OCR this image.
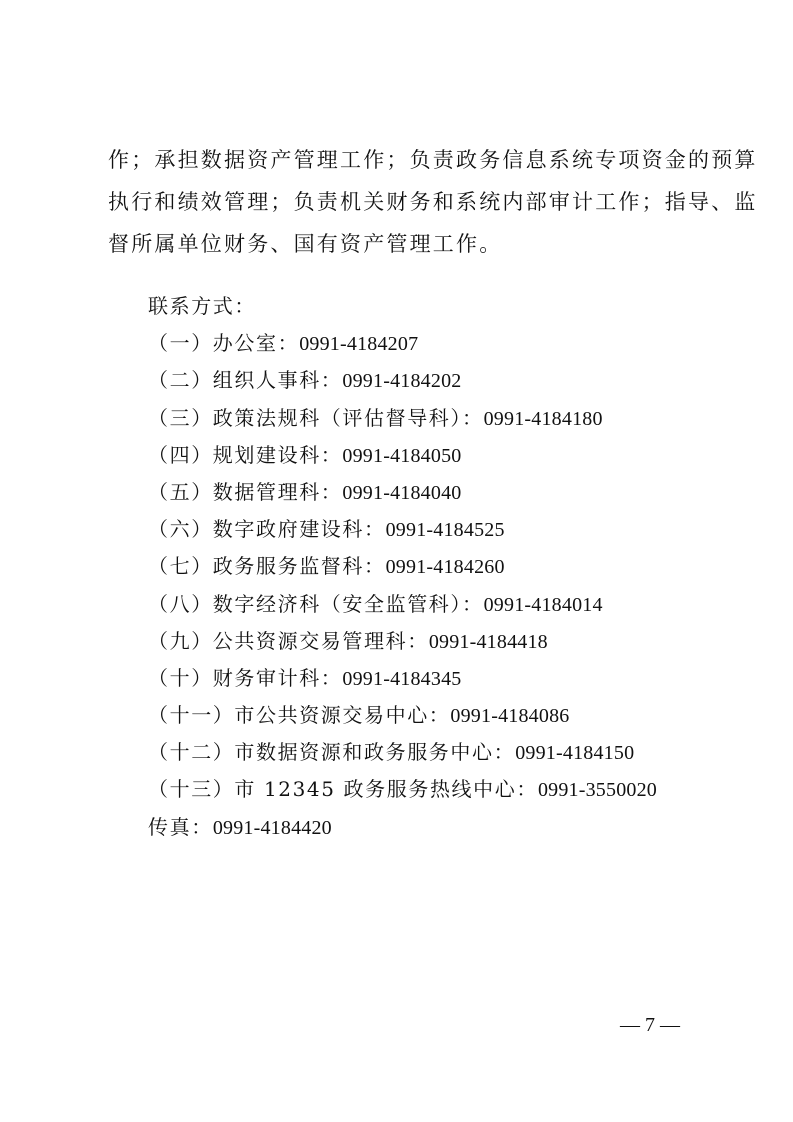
作；承担数据资产管理工作；负责政务信息系统专项资金的预算
执行和绩效管理；负责机关财务和系统内部审计工作；指导、监
督所属单位财务、国有资产管理工作。
联系方式：
（一）办公室：0991-4184207
（二）组织人事科：0991-4184202
（三）政策法规科（评估督导科）：0991-4184180
（四）规划建设科：0991-4184050
（五）数据管理科：0991-4184040
（六）数字政府建设科：0991-4184525
（七）政务服务监督科：0991-4184260
（八）数字经济科（安全监管科）：0991-4184014
（九）公共资源交易管理科：0991-4184418
（十）财务审计科：0991-4184345
（十一）市公共资源交易中心：0991-4184086
（十二）市数据资源和政务服务中心：0991-4184150
（十三）市 12345 政务服务热线中心：0991-3550020
传真：0991-4184420
— 7 —
